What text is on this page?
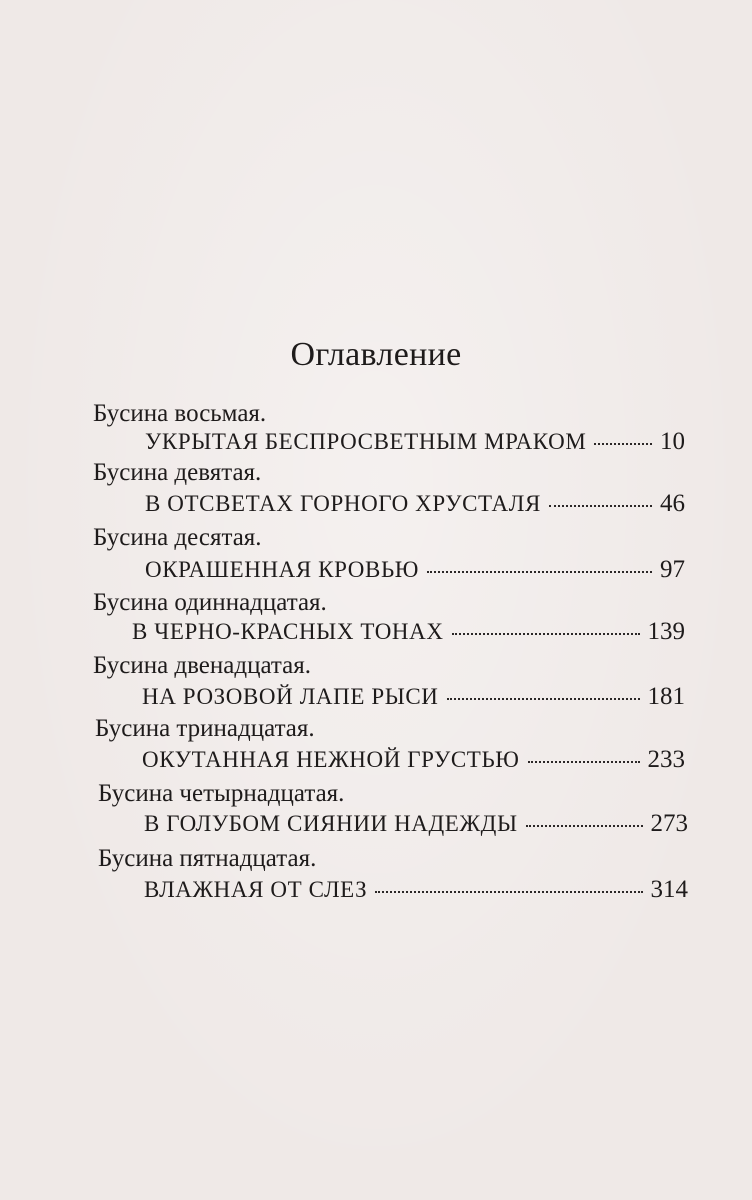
Оглавление
Бусина восьмая.
УКРЫТАЯ БЕСПРОСВЕТНЫМ МРАКОМ	10
Бусина девятая.
В ОТСВЕТАХ ГОРНОГО ХРУСТАЛЯ	46
Бусина десятая.
ОКРАШЕННАЯ КРОВЬЮ	97
Бусина одиннадцатая.
В ЧЕРНО-КРАСНЫХ ТОНАХ	139
Бусина двенадцатая.
НА РОЗОВОЙ ЛАПЕ РЫСИ	181
Бусина тринадцатая.
ОКУТАННАЯ НЕЖНОЙ ГРУСТЬЮ	233
Бусина четырнадцатая.
В ГОЛУБОМ СИЯНИИ НАДЕЖДЫ	273
Бусина пятнадцатая.
ВЛАЖНАЯ ОТ СЛЕЗ	314
